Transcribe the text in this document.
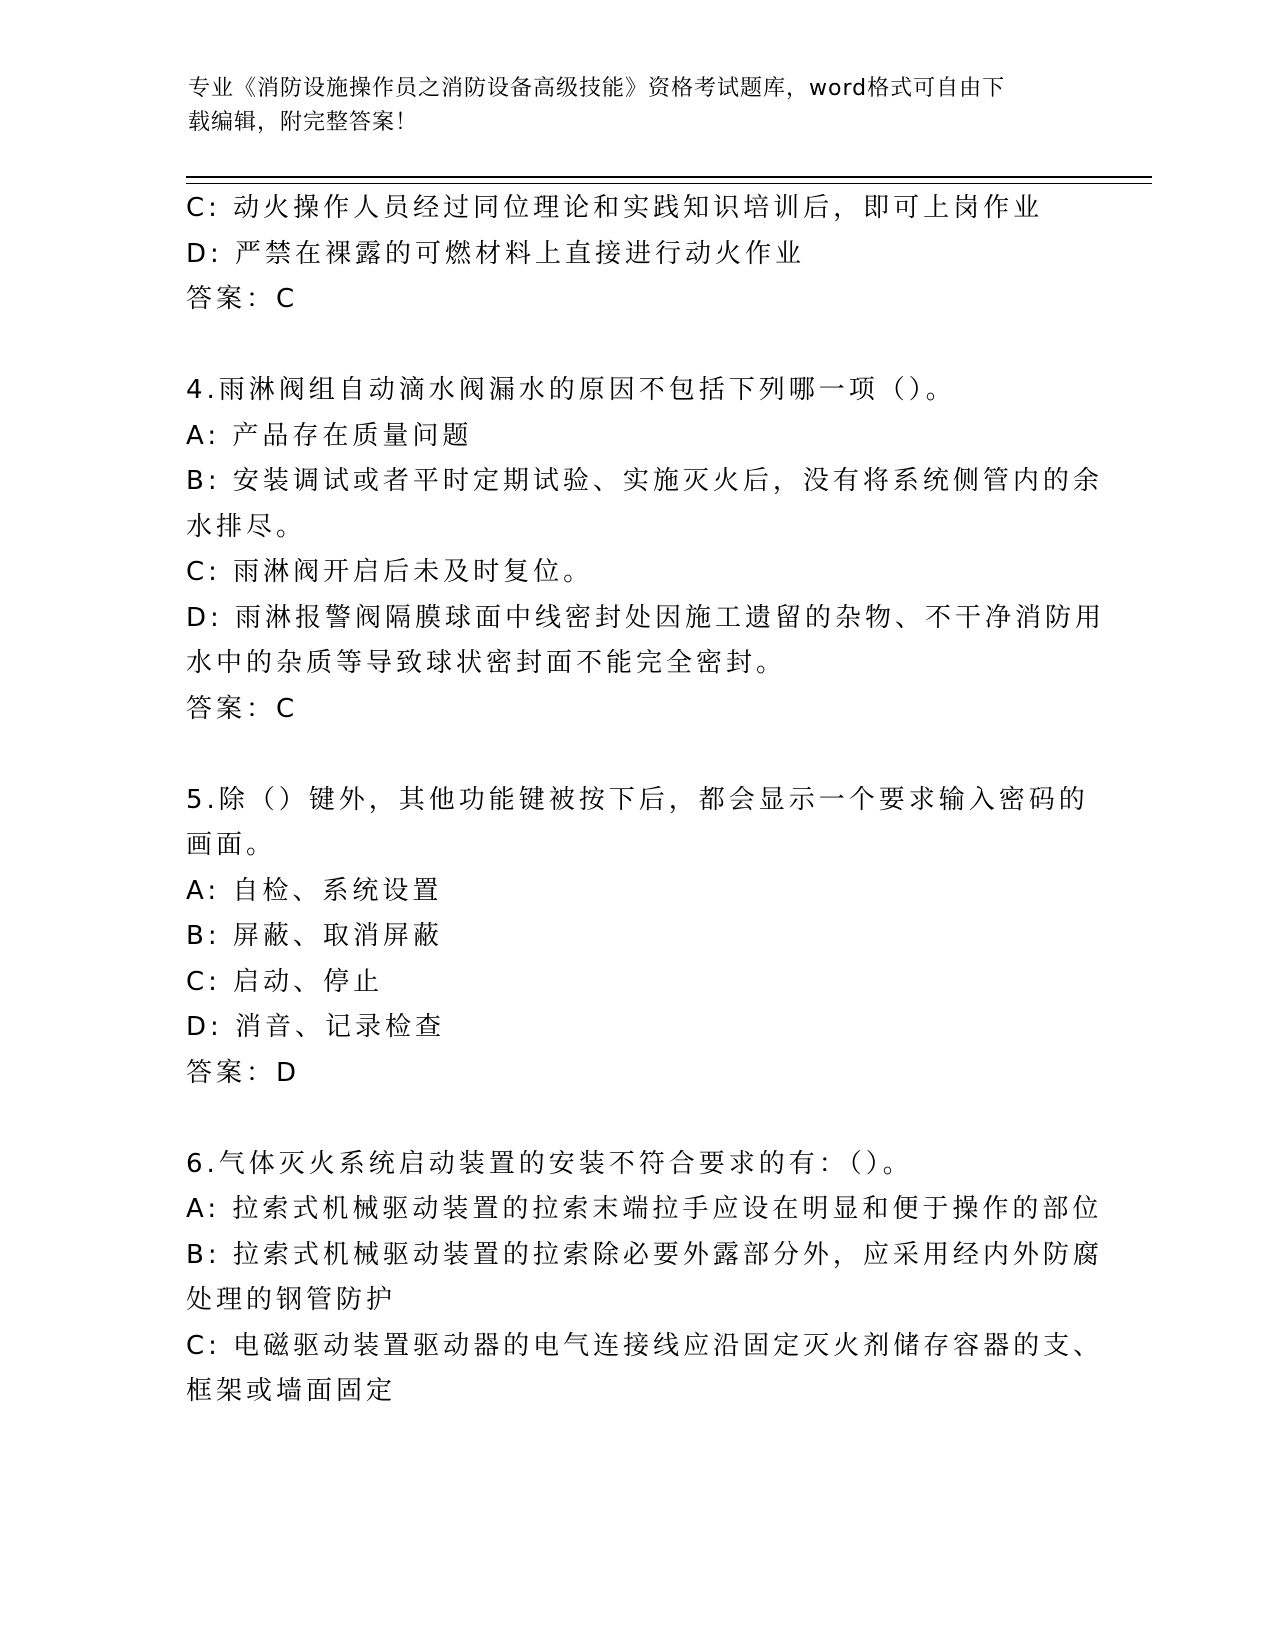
专业《消防设施操作员之消防设备高级技能》资格考试题库，word格式可自由下
载编辑，附完整答案！
C: 动火操作人员经过同位理论和实践知识培训后，即可上岗作业
D: 严禁在裸露的可燃材料上直接进行动火作业
答案：C
4.雨淋阀组自动滴水阀漏水的原因不包括下列哪一项（）。
A: 产品存在质量问题
B: 安装调试或者平时定期试验、实施灭火后，没有将系统侧管内的余
水排尽。
C: 雨淋阀开启后未及时复位。
D: 雨淋报警阀隔膜球面中线密封处因施工遗留的杂物、不干净消防用
水中的杂质等导致球状密封面不能完全密封。
答案：C
5.除（）键外，其他功能键被按下后，都会显示一个要求输入密码的
画面。
A: 自检、系统设置
B: 屏蔽、取消屏蔽
C: 启动、停止
D: 消音、记录检查
答案：D
6.气体灭火系统启动装置的安装不符合要求的有：（）。
A: 拉索式机械驱动装置的拉索末端拉手应设在明显和便于操作的部位
B: 拉索式机械驱动装置的拉索除必要外露部分外，应采用经内外防腐
处理的钢管防护
C: 电磁驱动装置驱动器的电气连接线应沿固定灭火剂储存容器的支、
框架或墙面固定
